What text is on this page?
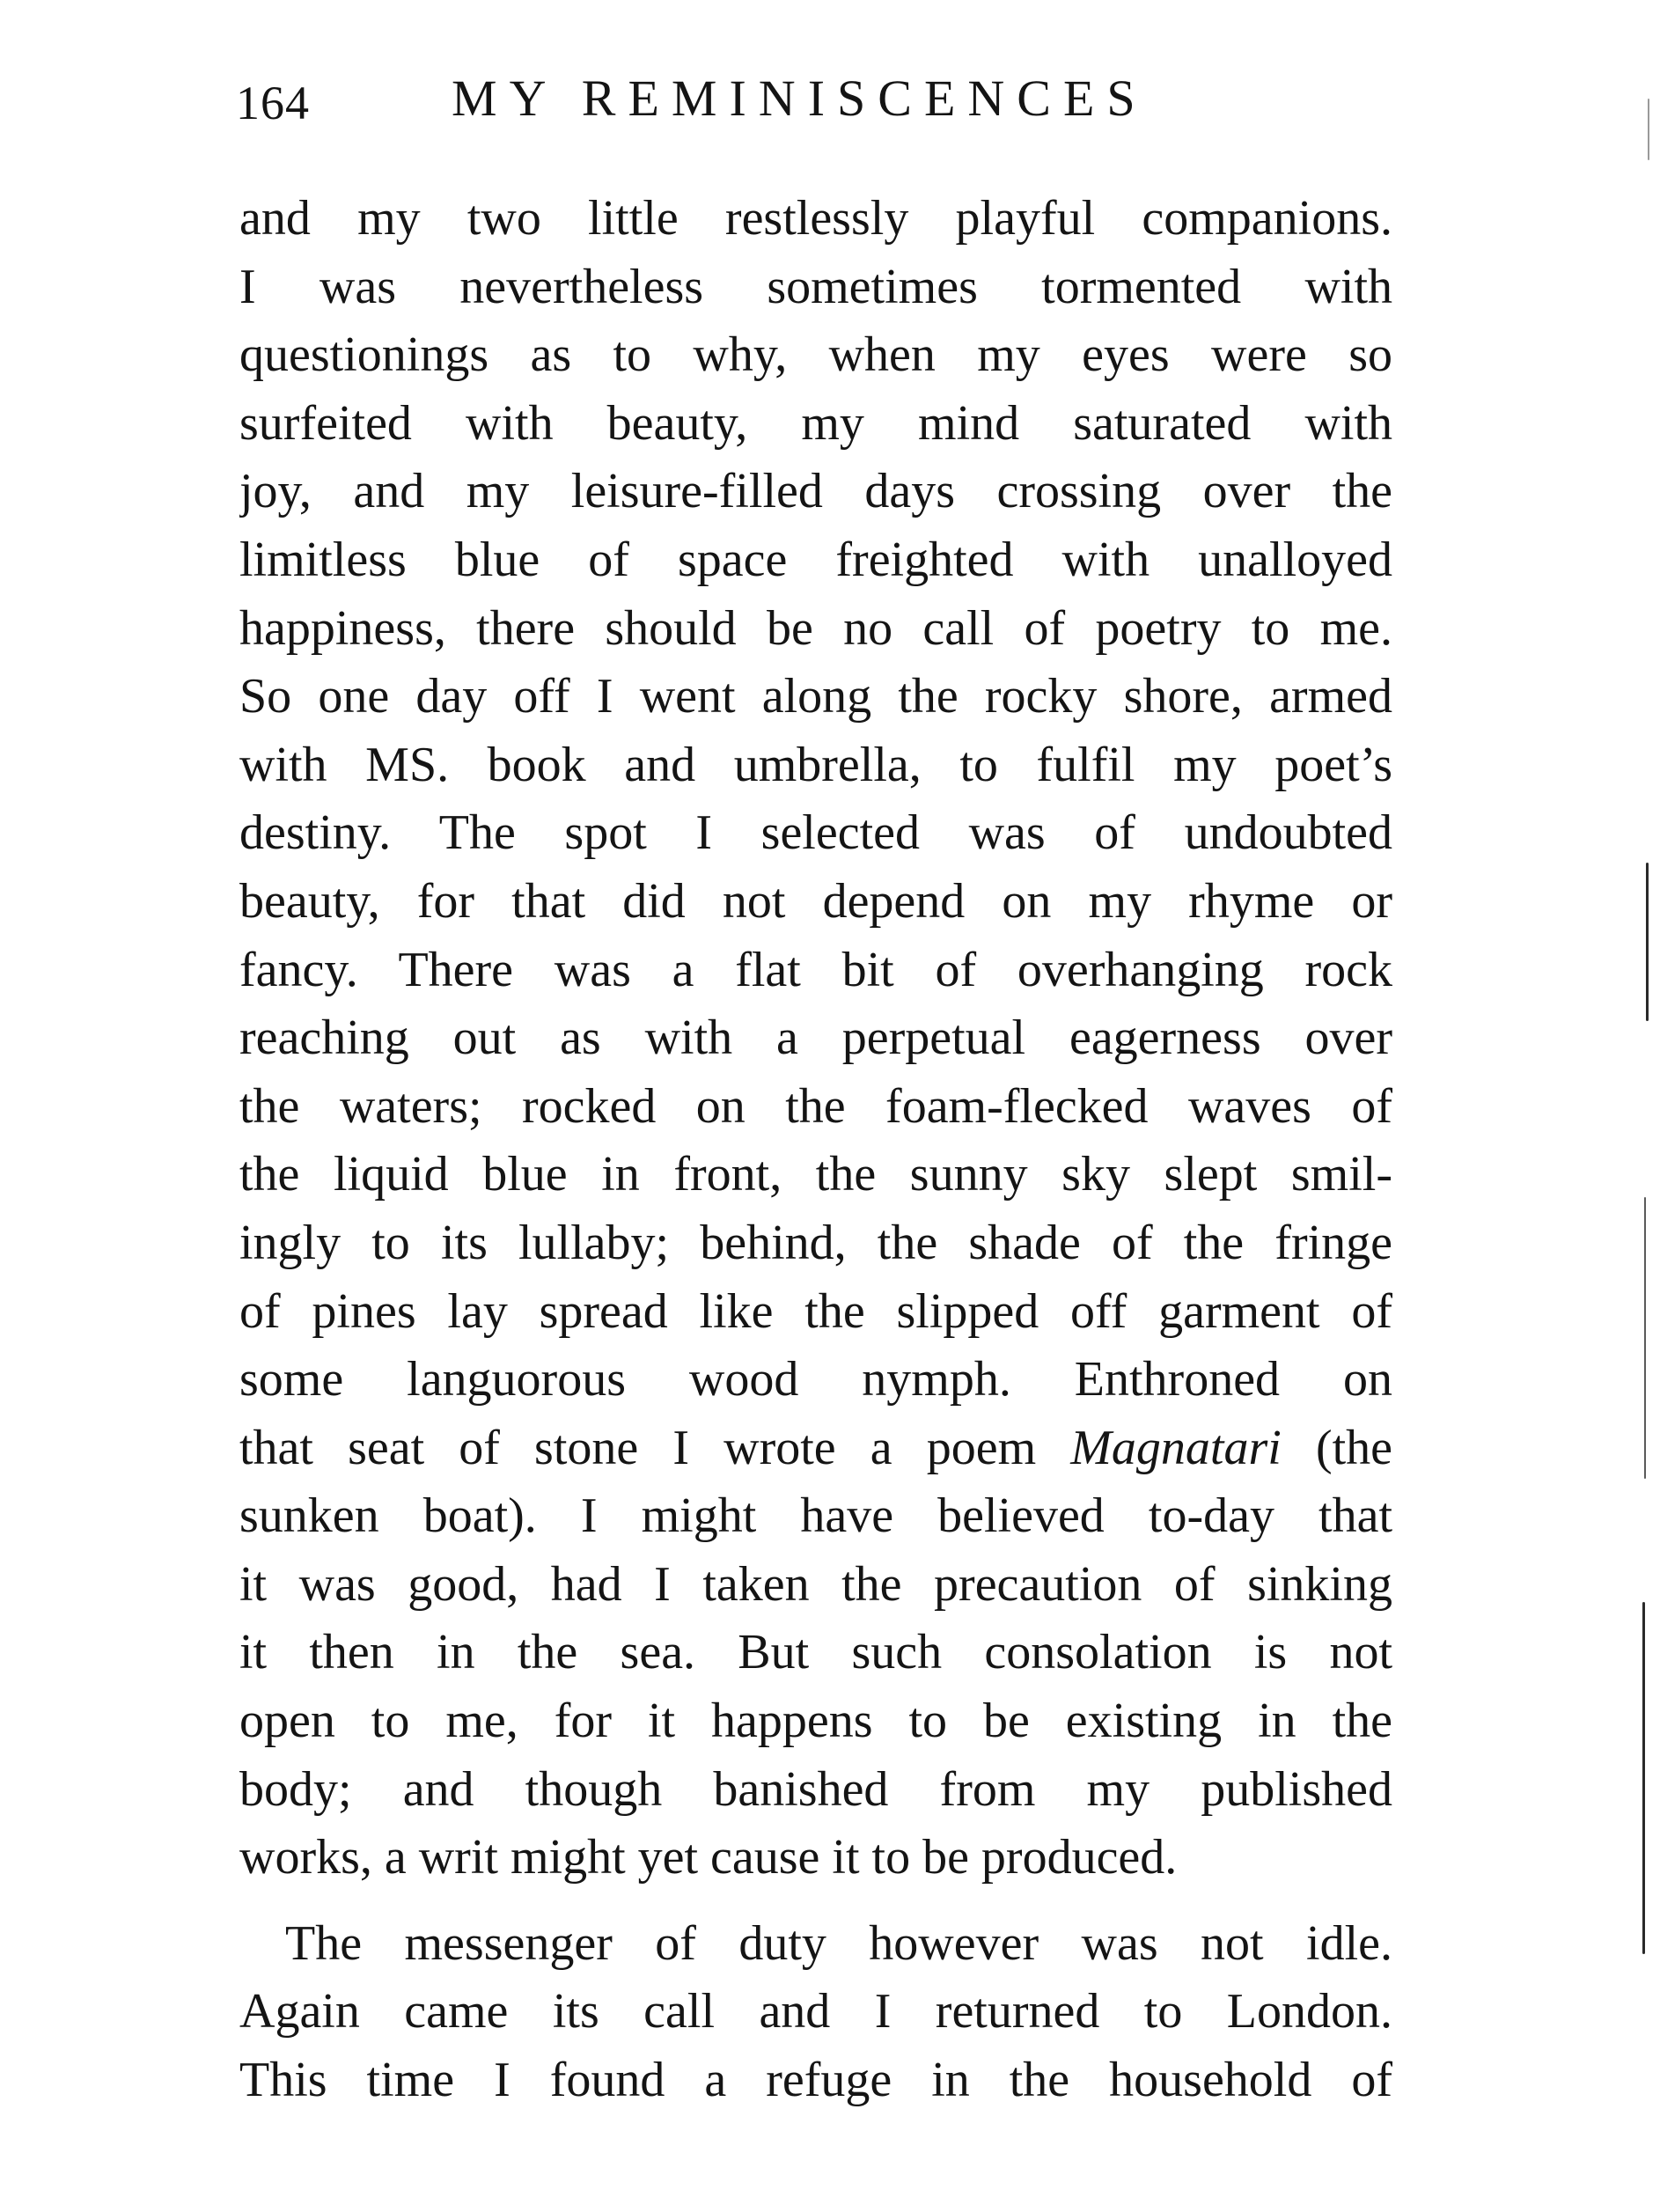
164	MY REMINISCENCES
and my two little restlessly playful companions.
I was nevertheless sometimes tormented with
questionings as to why, when my eyes were so
surfeited with beauty, my mind saturated with
joy, and my leisure-filled days crossing over the
limitless blue of space freighted with unalloyed
happiness, there should be no call of poetry to me.
So one day off I went along the rocky shore, armed
with MS. book and umbrella, to fulfil my poet’s
destiny. The spot I selected was of undoubted
beauty, for that did not depend on my rhyme or
fancy. There was a flat bit of overhanging rock
reaching out as with a perpetual eagerness over
the waters; rocked on the foam-flecked waves of
the liquid blue in front, the sunny sky slept smil-
ingly to its lullaby; behind, the shade of the fringe
of pines lay spread like the slipped off garment of
some languorous wood nymph. Enthroned on
that seat of stone I wrote a poem Magnatari (the
sunken boat). I might have believed to-day that
it was good, had I taken the precaution of sinking
it then in the sea. But such consolation is not
open to me, for it happens to be existing in the
body; and though banished from my published
works, a writ might yet cause it to be produced.
The messenger of duty however was not idle.
Again came its call and I returned to London.
This time I found a refuge in the household of
